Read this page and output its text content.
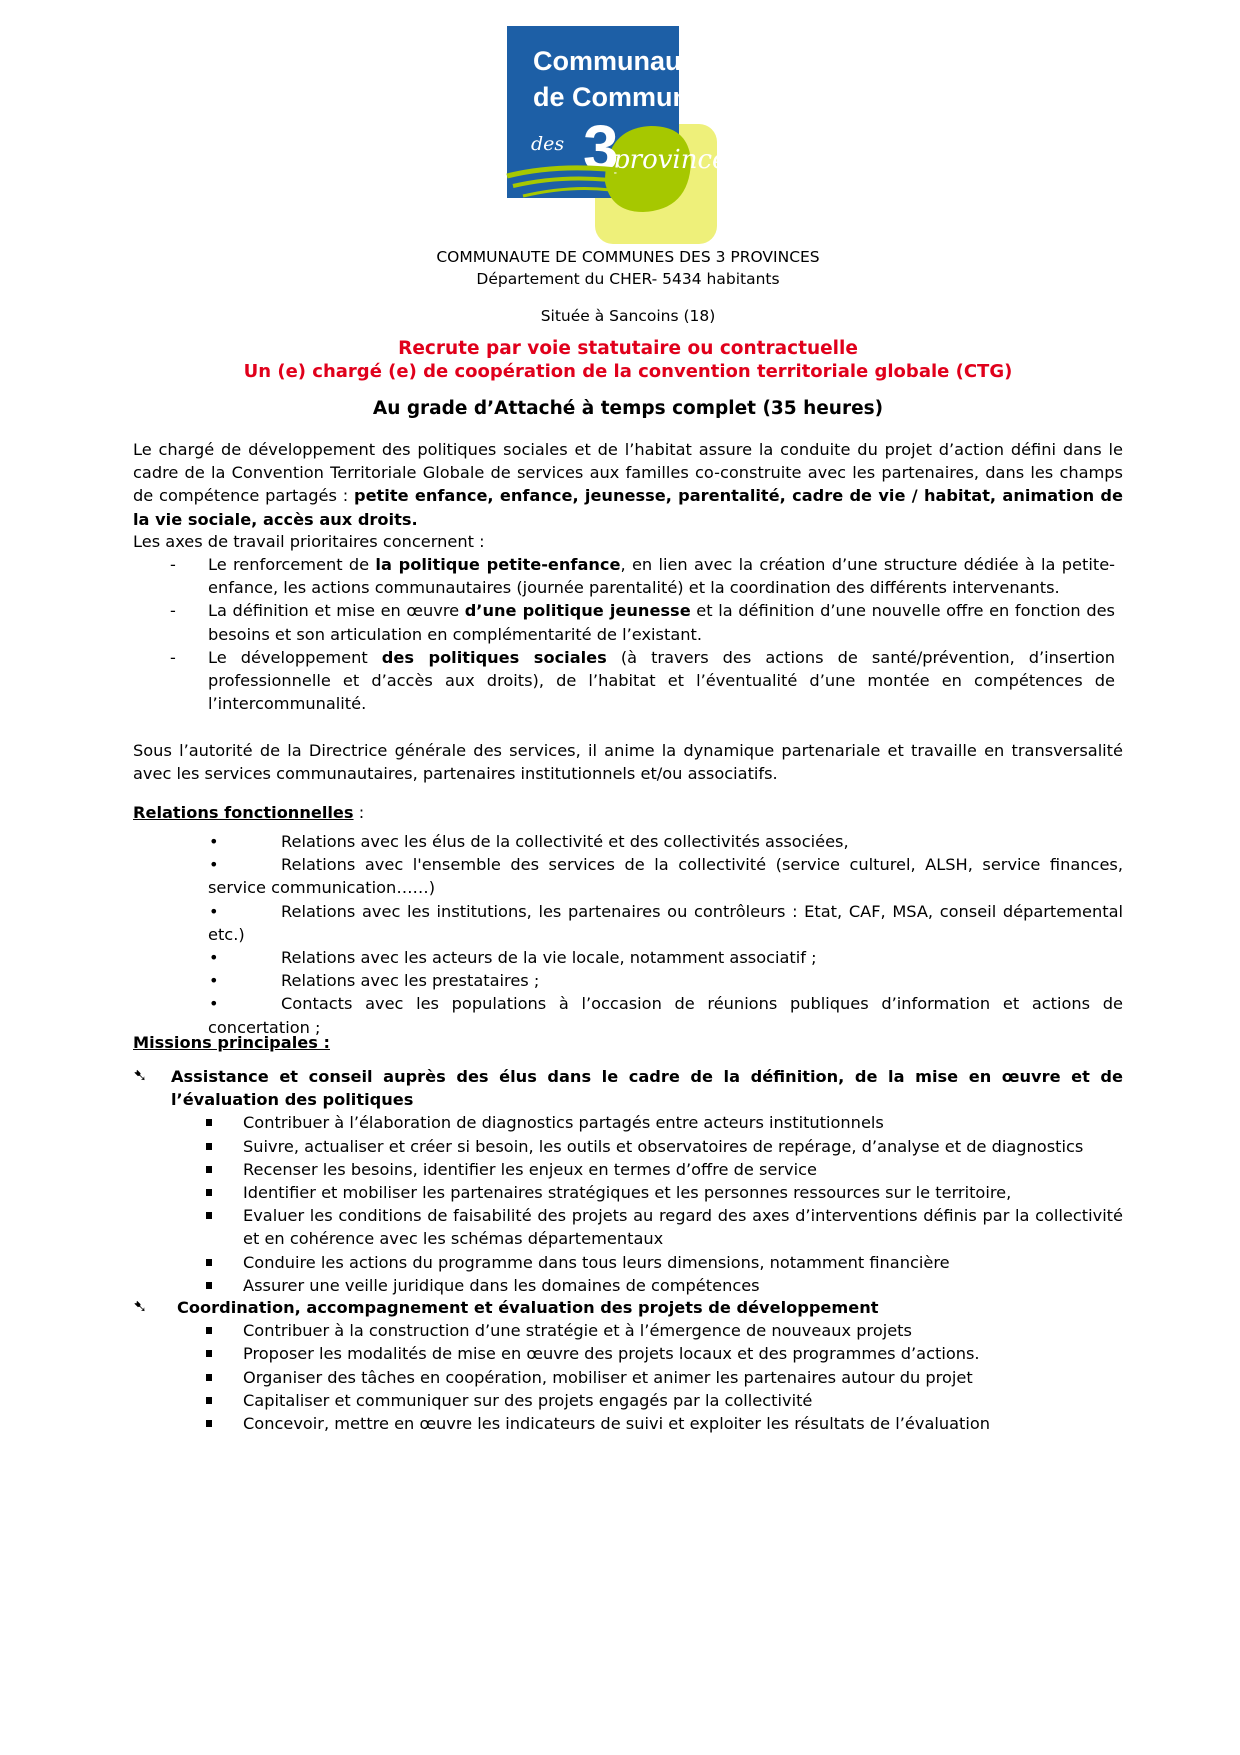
Communauté
de Communes
des 3
provinces
COMMUNAUTE DE COMMUNES DES 3 PROVINCES
Département du CHER- 5434 habitants
Située à Sancoins (18)
Recrute par voie statutaire ou contractuelle
Un (e) chargé (e) de coopération de la convention territoriale globale (CTG)
Au grade d’Attaché à temps complet (35 heures)
Le chargé de développement des politiques sociales et de l’habitat assure la conduite du projet d’action défini dans le cadre de la Convention Territoriale Globale de services aux familles co-construite avec les partenaires, dans les champs de compétence partagés : petite enfance, enfance, jeunesse, parentalité, cadre de vie / habitat, animation de la vie sociale, accès aux droits.
Les axes de travail prioritaires concernent :
- Le renforcement de la politique petite-enfance, en lien avec la création d’une structure dédiée à la petite-enfance, les actions communautaires (journée parentalité) et la coordination des différents intervenants.
- La définition et mise en œuvre d’une politique jeunesse et la définition d’une nouvelle offre en fonction des besoins et son articulation en complémentarité de l’existant.
- Le développement des politiques sociales (à travers des actions de santé/prévention, d’insertion professionnelle et d’accès aux droits), de l’habitat et l’éventualité d’une montée en compétences de l’intercommunalité.
Sous l’autorité de la Directrice générale des services, il anime la dynamique partenariale et travaille en transversalité avec les services communautaires, partenaires institutionnels et/ou associatifs.
Relations fonctionnelles :
•	Relations avec les élus de la collectivité et des collectivités associées,
•	Relations avec l'ensemble des services de la collectivité (service culturel, ALSH, service finances, service communication……)
•	Relations avec les institutions, les partenaires ou contrôleurs : Etat, CAF, MSA, conseil départemental etc.)
•	Relations avec les acteurs de la vie locale, notamment associatif ;
•	Relations avec les prestataires ;
•	Contacts avec les populations à l’occasion de réunions publiques d’information et actions de concertation ;
Missions principales :
➷ Assistance et conseil auprès des élus dans le cadre de la définition, de la mise en œuvre et de l’évaluation des politiques
Contribuer à l’élaboration de diagnostics partagés entre acteurs institutionnels
Suivre, actualiser et créer si besoin, les outils et observatoires de repérage, d’analyse et de diagnostics
Recenser les besoins, identifier les enjeux en termes d’offre de service
Identifier et mobiliser les partenaires stratégiques et les personnes ressources sur le territoire,
Evaluer les conditions de faisabilité des projets au regard des axes d’interventions définis par la collectivité et en cohérence avec les schémas départementaux
Conduire les actions du programme dans tous leurs dimensions, notamment financière
Assurer une veille juridique dans les domaines de compétences
➷ Coordination, accompagnement et évaluation des projets de développement
Contribuer à la construction d’une stratégie et à l’émergence de nouveaux projets
Proposer les modalités de mise en œuvre des projets locaux et des programmes d’actions.
Organiser des tâches en coopération, mobiliser et animer les partenaires autour du projet
Capitaliser et communiquer sur des projets engagés par la collectivité
Concevoir, mettre en œuvre les indicateurs de suivi et exploiter les résultats de l’évaluation
